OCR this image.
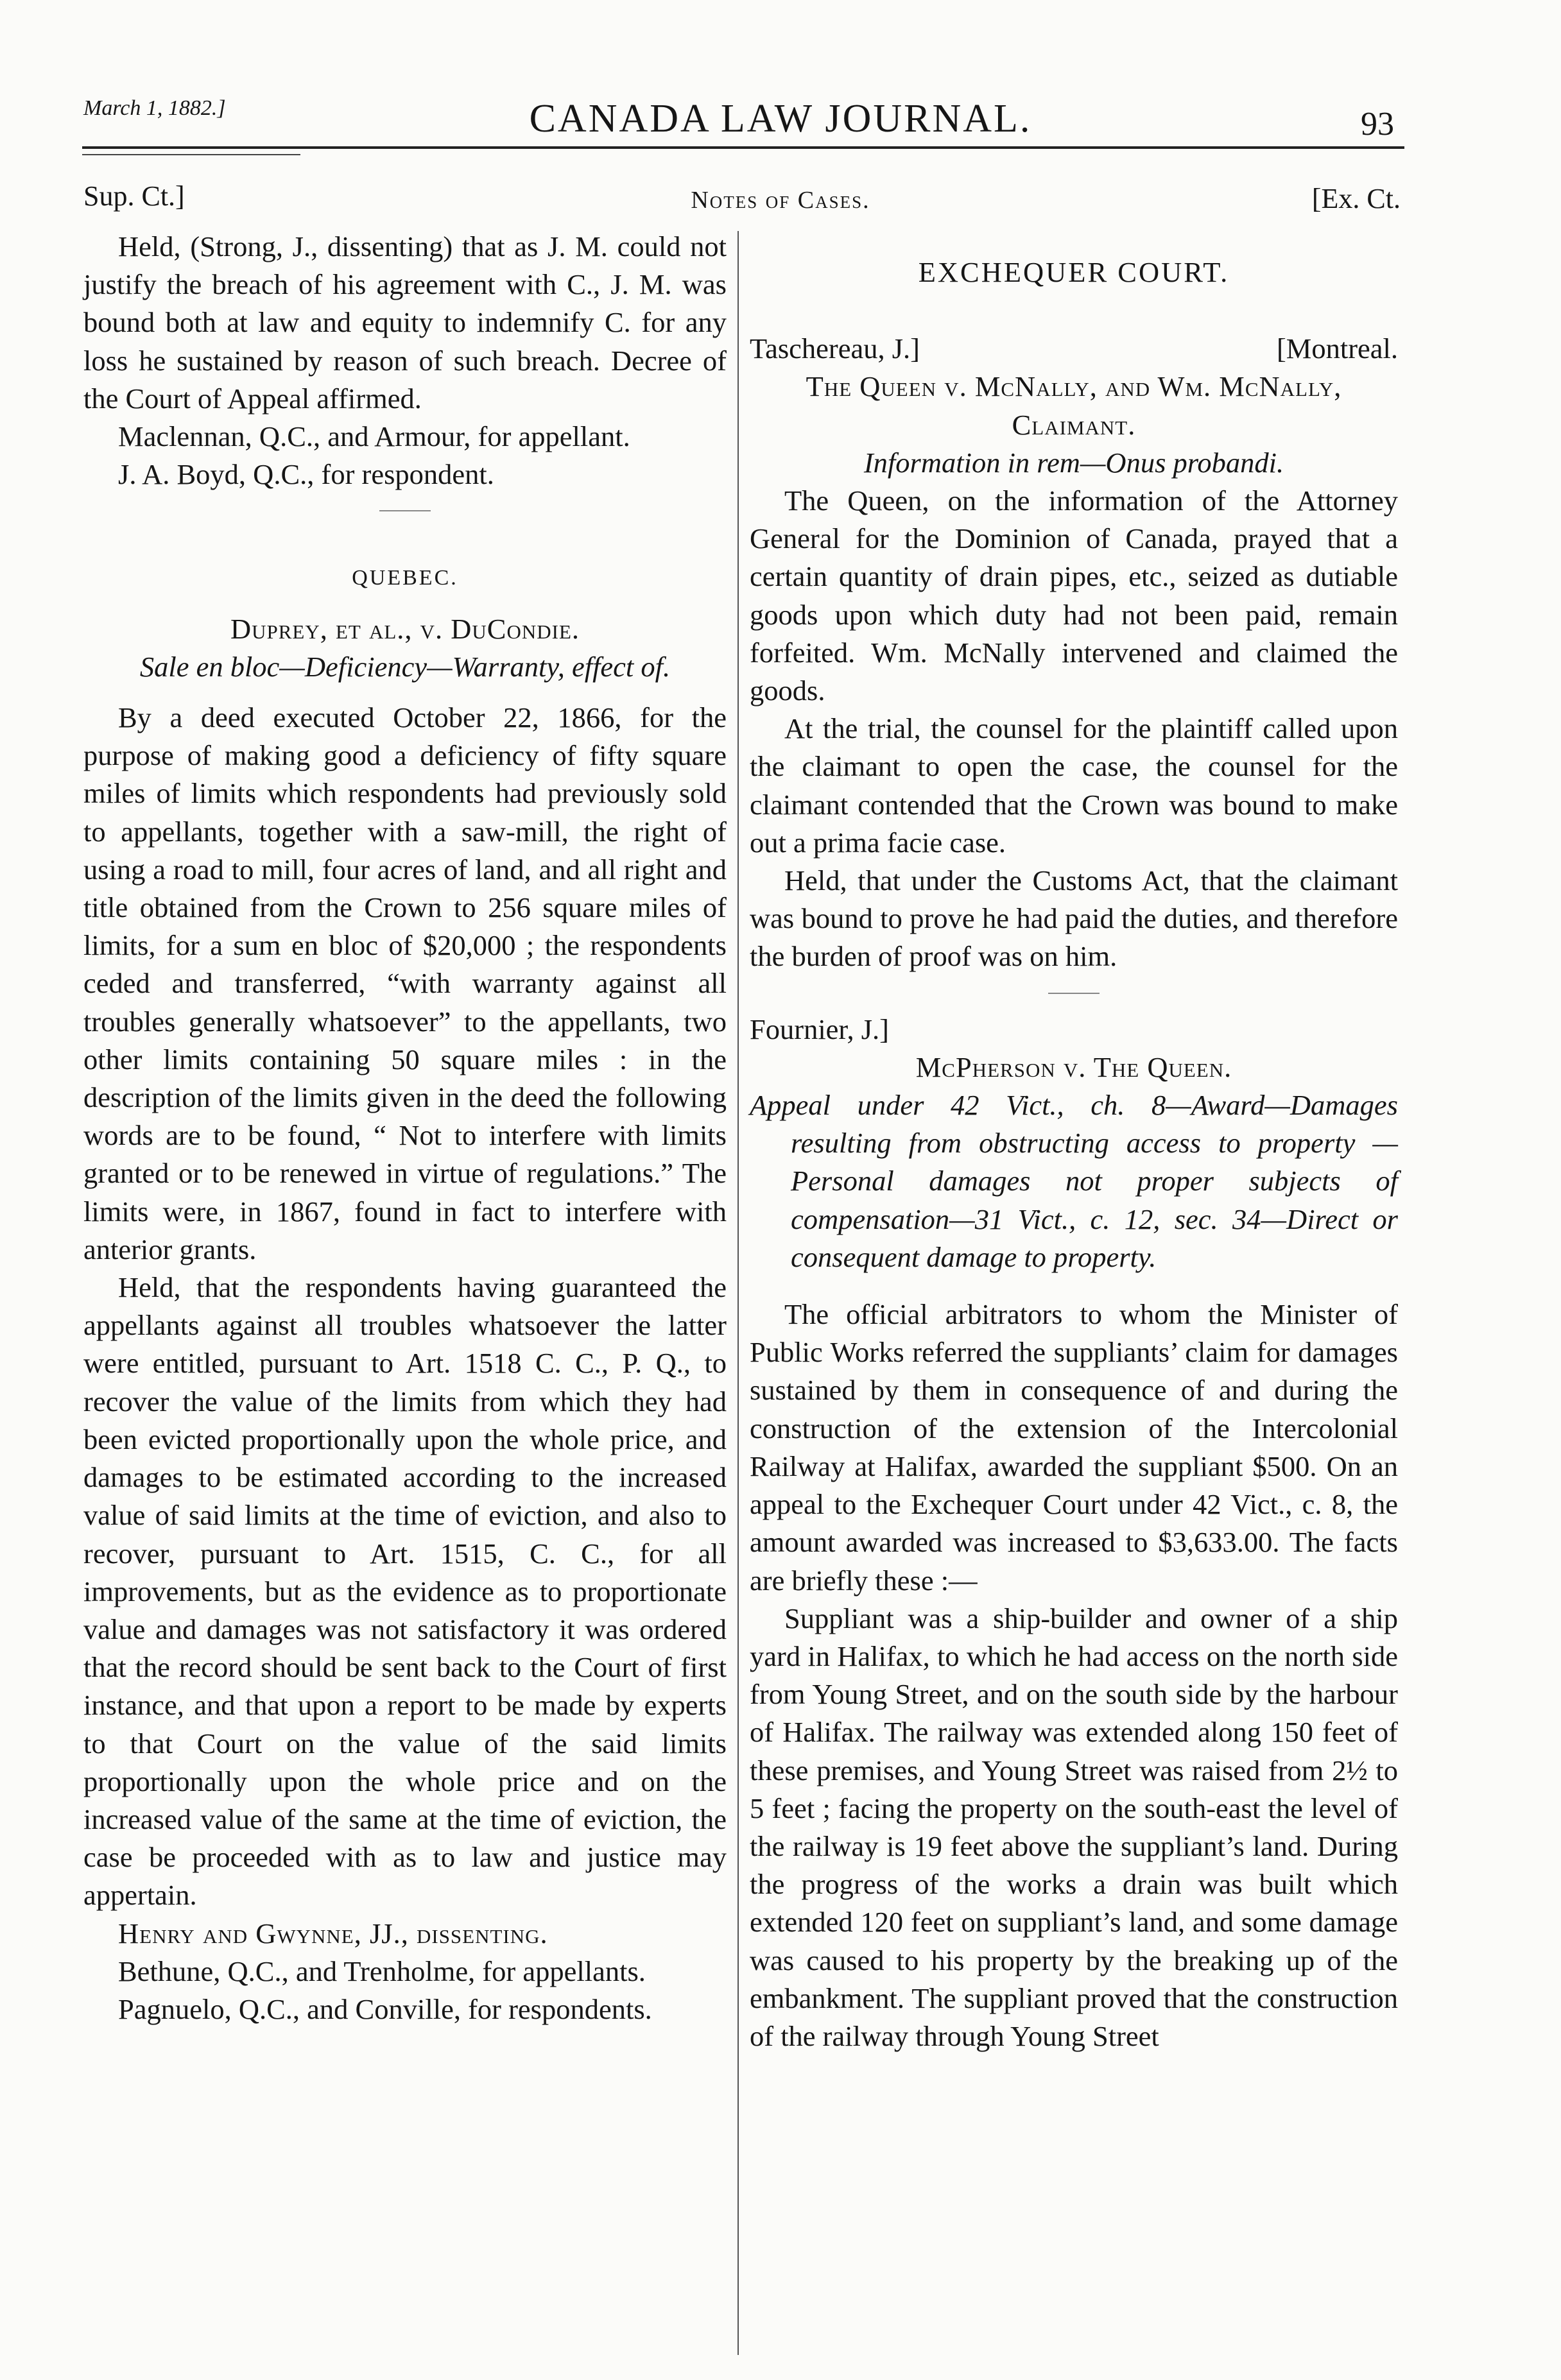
March 1, 1882.]	CANADA LAW JOURNAL.	93
Sup. Ct.]	Notes of Cases.	[Ex. Ct.

Held, (Strong, J., dissenting) that as J. M. could not justify the breach of his agreement with C., J. M. was bound both at law and equity to indemnify C. for any loss he sustained by reason of such breach. Decree of the Court of Appeal affirmed.

Maclennan, Q.C., and Armour, for appellant.

J. A. Boyd, Q.C., for respondent.

QUEBEC.

Duprey, et al., v. DuCondie.

Sale en bloc—Deficiency—Warranty, effect of.

By a deed executed October 22, 1866, for the purpose of making good a deficiency of fifty square miles of limits which respondents had previously sold to appellants, together with a saw-mill, the right of using a road to mill, four acres of land, and all right and title obtained from the Crown to 256 square miles of limits, for a sum en bloc of $20,000 ; the respondents ceded and transferred, “with warranty against all troubles generally whatsoever” to the appellants, two other limits containing 50 square miles : in the description of the limits given in the deed the following words are to be found, “ Not to interfere with limits granted or to be renewed in virtue of regulations.” The limits were, in 1867, found in fact to interfere with anterior grants.

Held, that the respondents having guaranteed the appellants against all troubles whatsoever the latter were entitled, pursuant to Art. 1518 C. C., P. Q., to recover the value of the limits from which they had been evicted proportionally upon the whole price, and damages to be estimated according to the increased value of said limits at the time of eviction, and also to recover, pursuant to Art. 1515, C. C., for all improvements, but as the evidence as to proportionate value and damages was not satisfactory it was ordered that the record should be sent back to the Court of first instance, and that upon a report to be made by experts to that Court on the value of the said limits proportionally upon the whole price and on the increased value of the same at the time of eviction, the case be proceeded with as to law and justice may appertain.

Henry and Gwynne, JJ., dissenting.

Bethune, Q.C., and Trenholme, for appellants.

Pagnuelo, Q.C., and Conville, for respondents.

EXCHEQUER COURT.

Taschereau, J.]	[Montreal.

The Queen v. McNally, and Wm. McNally, Claimant.

Information in rem—Onus probandi.

The Queen, on the information of the Attorney General for the Dominion of Canada, prayed that a certain quantity of drain pipes, etc., seized as dutiable goods upon which duty had not been paid, remain forfeited. Wm. McNally intervened and claimed the goods.

At the trial, the counsel for the plaintiff called upon the claimant to open the case, the counsel for the claimant contended that the Crown was bound to make out a prima facie case.

Held, that under the Customs Act, that the claimant was bound to prove he had paid the duties, and therefore the burden of proof was on him.

Fournier, J.]

McPherson v. The Queen.

Appeal under 42 Vict., ch. 8—Award—Damages resulting from obstructing access to property —Personal damages not proper subjects of compensation—31 Vict., c. 12, sec. 34—Direct or consequent damage to property.

The official arbitrators to whom the Minister of Public Works referred the suppliants’ claim for damages sustained by them in consequence of and during the construction of the extension of the Intercolonial Railway at Halifax, awarded the suppliant $500. On an appeal to the Exchequer Court under 42 Vict., c. 8, the amount awarded was increased to $3,633.00. The facts are briefly these :—

Suppliant was a ship-builder and owner of a ship yard in Halifax, to which he had access on the north side from Young Street, and on the south side by the harbour of Halifax. The railway was extended along 150 feet of these premises, and Young Street was raised from 2½ to 5 feet ; facing the property on the south-east the level of the railway is 19 feet above the suppliant’s land. During the progress of the works a drain was built which extended 120 feet on suppliant’s land, and some damage was caused to his property by the breaking up of the embankment. The suppliant proved that the construction of the railway through Young Street
